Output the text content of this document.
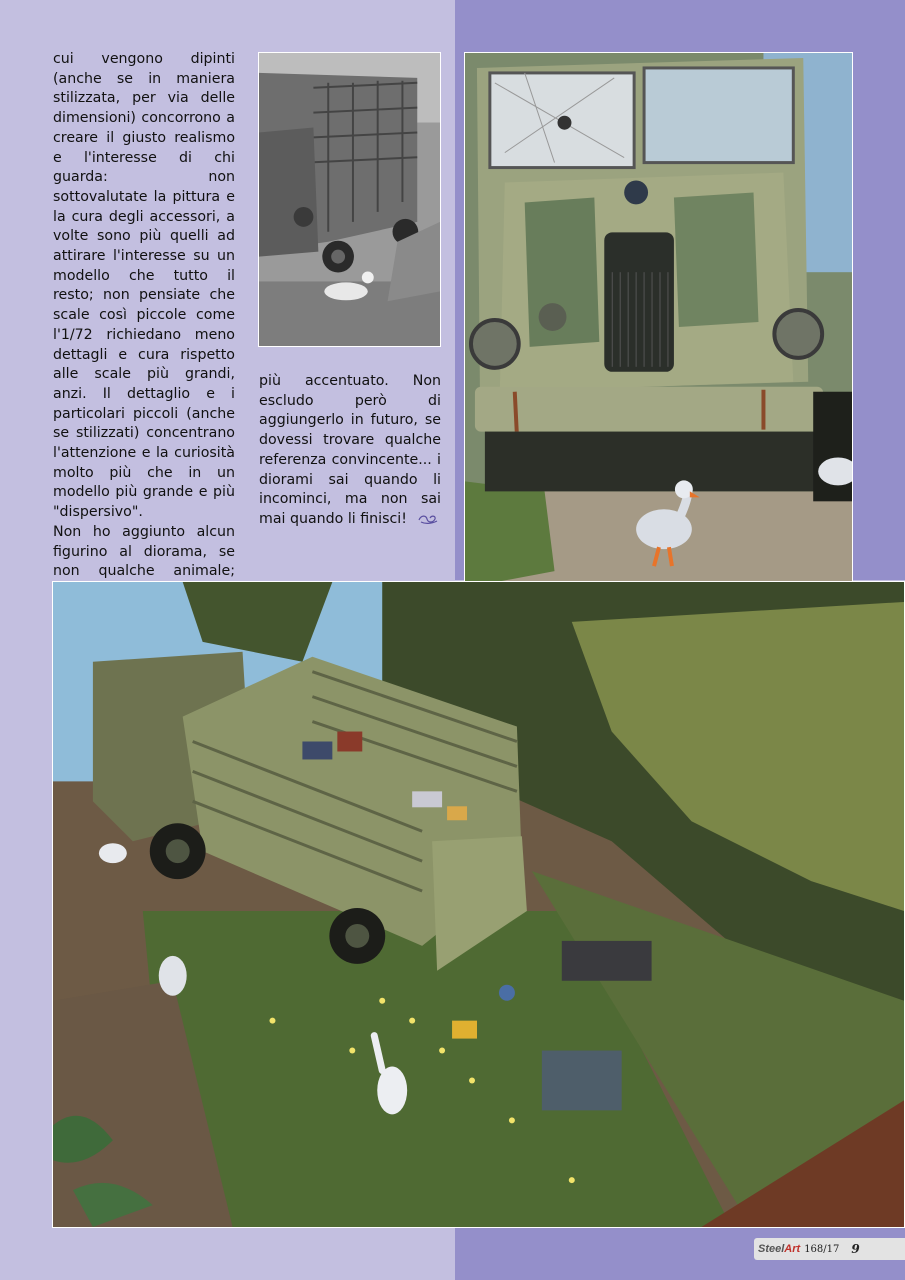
cui vengono dipinti (anche se in maniera stilizzata, per via delle dimensioni) concorrono a creare il giusto realismo e l'interesse di chi guarda: non sottovalutate la pittura e la cura degli accessori, a volte sono più quelli ad attirare l'interesse su un modello che tutto il resto; non pensiate che scale così piccole come l'1/72 richiedano meno dettagli e cura rispetto alle scale più grandi, anzi. Il dettaglio e i particolari piccoli (anche se stilizzati) concentrano l'attenzione e la curiosità molto più che in un modello più grande e più "dispersivo".

Non ho aggiunto alcun figurino al diorama, se non qualche animale;

più accentuato. Non escludo però di aggiungerlo in futuro, se dovessi trovare qualche referenza convincente... i diorami sai quando li incominci, ma non sai mai quando li finisci!

Steel Art 168/17 9
